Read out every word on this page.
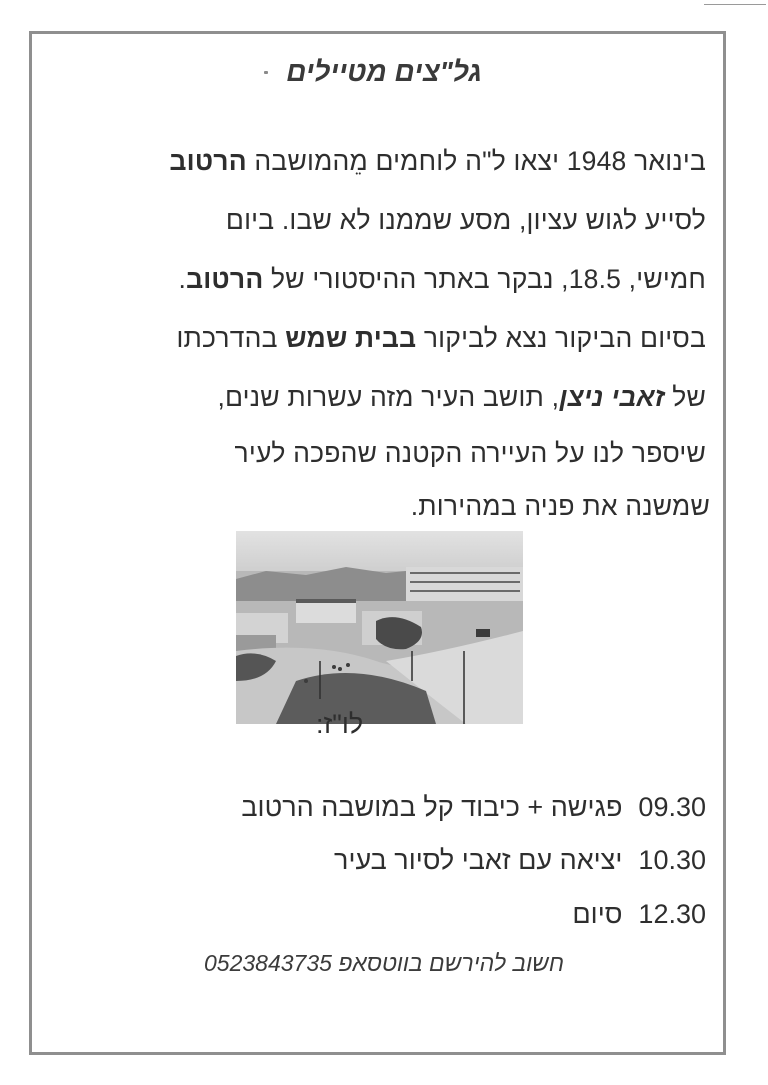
גל"צים מטיילים
בינואר 1948 יצאו ל"ה לוחמים מֵהמושבה הרטוב
לסייע לגוש עציון, מסע שממנו לא שבו. ביום
חמישי, 18.5, נבקר באתר ההיסטורי של הרטוב.
בסיום הביקור נצא לביקור בבית שמש בהדרכתו
של זאבי ניצן, תושב העיר מזה עשרות שנים,
שיספר לנו על העיירה הקטנה שהפכה לעיר
שמשנה את פניה במהירות.
לו"ז:
09.30פגישה + כיבוד קל במושבה הרטוב
10.30יציאה עם זאבי לסיור בעיר
12.30סיום
חשוב להירשם בווטסאפ 0523843735
